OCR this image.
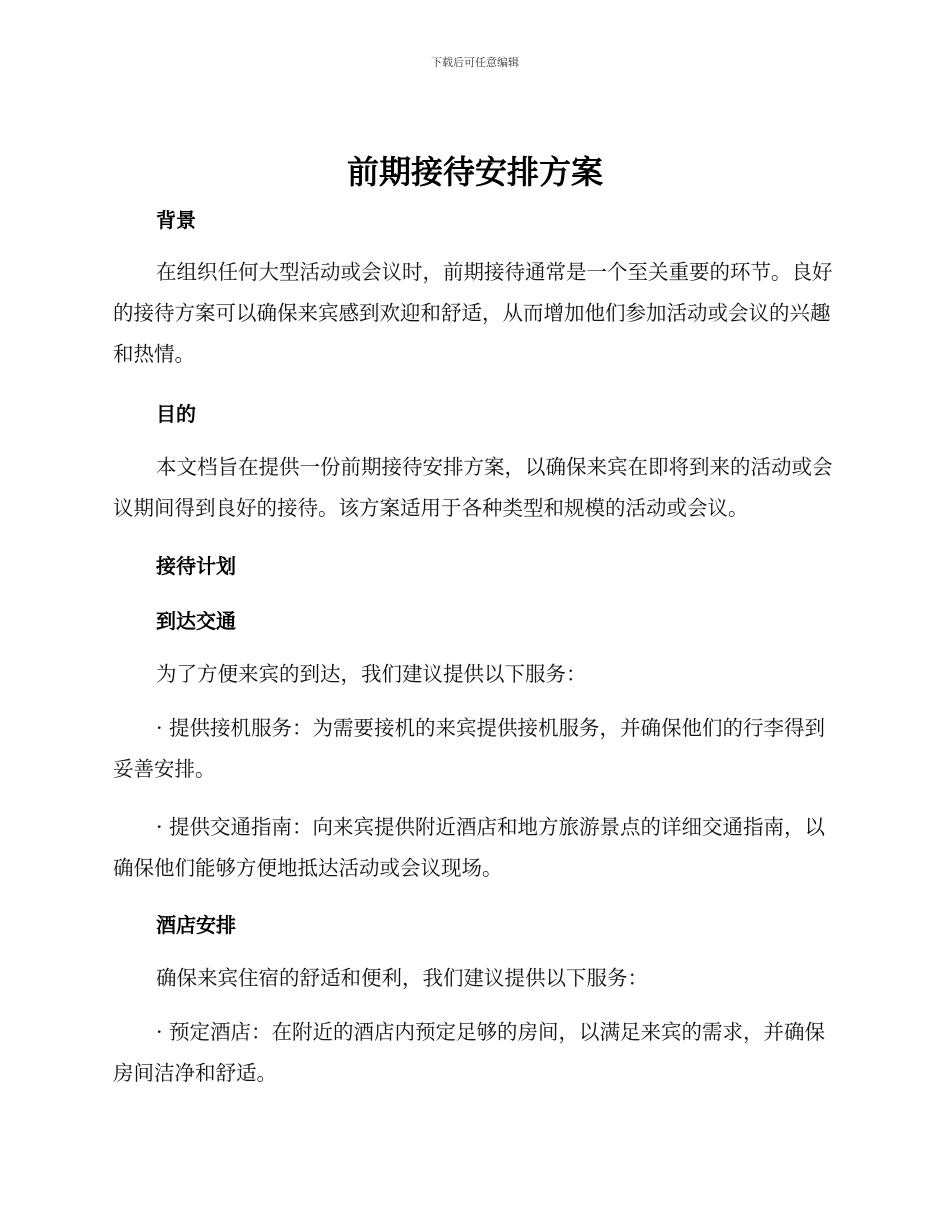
下载后可任意编辑
前期接待安排方案
背景

在组织任何大型活动或会议时，前期接待通常是一个至关重要的环节。良好的接待方案可以确保来宾感到欢迎和舒适，从而增加他们参加活动或会议的兴趣和热情。

目的

本文档旨在提供一份前期接待安排方案，以确保来宾在即将到来的活动或会议期间得到良好的接待。该方案适用于各种类型和规模的活动或会议。

接待计划
到达交通

为了方便来宾的到达，我们建议提供以下服务：

· 提供接机服务：为需要接机的来宾提供接机服务，并确保他们的行李得到妥善安排。

· 提供交通指南：向来宾提供附近酒店和地方旅游景点的详细交通指南，以确保他们能够方便地抵达活动或会议现场。

酒店安排

确保来宾住宿的舒适和便利，我们建议提供以下服务：

· 预定酒店：在附近的酒店内预定足够的房间，以满足来宾的需求，并确保房间洁净和舒适。
